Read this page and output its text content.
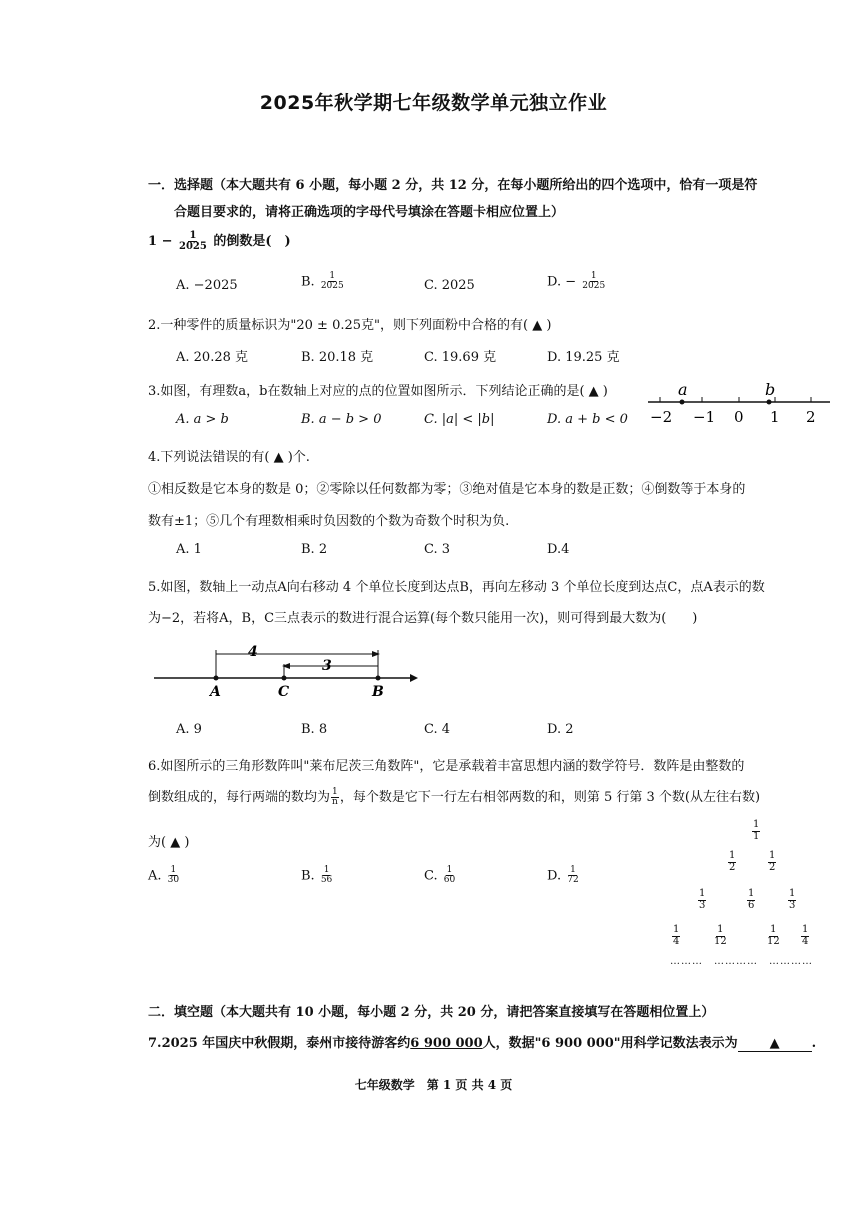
2025年秋学期七年级数学单元独立作业
一．选择题（本大题共有 6 小题，每小题 2 分，共 12 分，在每小题所给出的四个选项中，恰有一项是符
合题目要求的，请将正确选项的字母代号填涂在答题卡相应位置上）
$1 - \frac{1}{2025}$ 的倒数是(　)
A. −2025	B. $\frac{1}{2025}$	C. 2025	D. − $\frac{1}{2025}$
2.一种零件的质量标识为"20 ± 0.25克"，则下列面粉中合格的有( ▲ )
A. 20.28 克	B. 20.18 克	C. 19.69 克	D. 19.25 克
3.如图，有理数a，b在数轴上对应的点的位置如图所示．下列结论正确的是( ▲ )
A. a > b	B. a − b > 0	C. |a| < |b|	D. a + b < 0
a	b
−2 −1 0 1 2
4.下列说法错误的有( ▲ )个.
①相反数是它本身的数是 0；②零除以任何数都为零；③绝对值是它本身的数是正数；④倒数等于本身的
数有±1；⑤几个有理数相乘时负因数的个数为奇数个时积为负.
A. 1	B. 2	C. 3	D.4
5.如图，数轴上一动点A向右移动 4 个单位长度到达点B，再向左移动 3 个单位长度到达点C，点A表示的数
为−2，若将A，B，C三点表示的数进行混合运算(每个数只能用一次)，则可得到最大数为(　　)
4
3
A	C	B
A. 9	B. 8	C. 4	D. 2
6.如图所示的三角形数阵叫"莱布尼茨三角数阵"，它是承载着丰富思想内涵的数学符号．数阵是由整数的
倒数组成的，每行两端的数均为 $\frac{1}{n}$ ，每个数是它下一行左右相邻两数的和，则第 5 行第 3 个数(从左往右数)
为( ▲ )
A. $\frac{1}{30}$	B. $\frac{1}{56}$	C. $\frac{1}{60}$	D. $\frac{1}{72}$
$\frac{1}{1}$
$\frac{1}{2}$	$\frac{1}{2}$
$\frac{1}{3}$	$\frac{1}{6}$	$\frac{1}{3}$
$\frac{1}{4}$	$\frac{1}{12}$	$\frac{1}{12} \frac{1}{4}$
………　…………　…………
二．填空题（本大题共有 10 小题，每小题 2 分，共 20 分，请把答案直接填写在答题相位置上）
7.2025 年国庆中秋假期，泰州市接待游客约6 900 000人，数据"6 900 000"用科学记数法表示为 ▲ .
七年级数学　第 1 页 共 4 页
